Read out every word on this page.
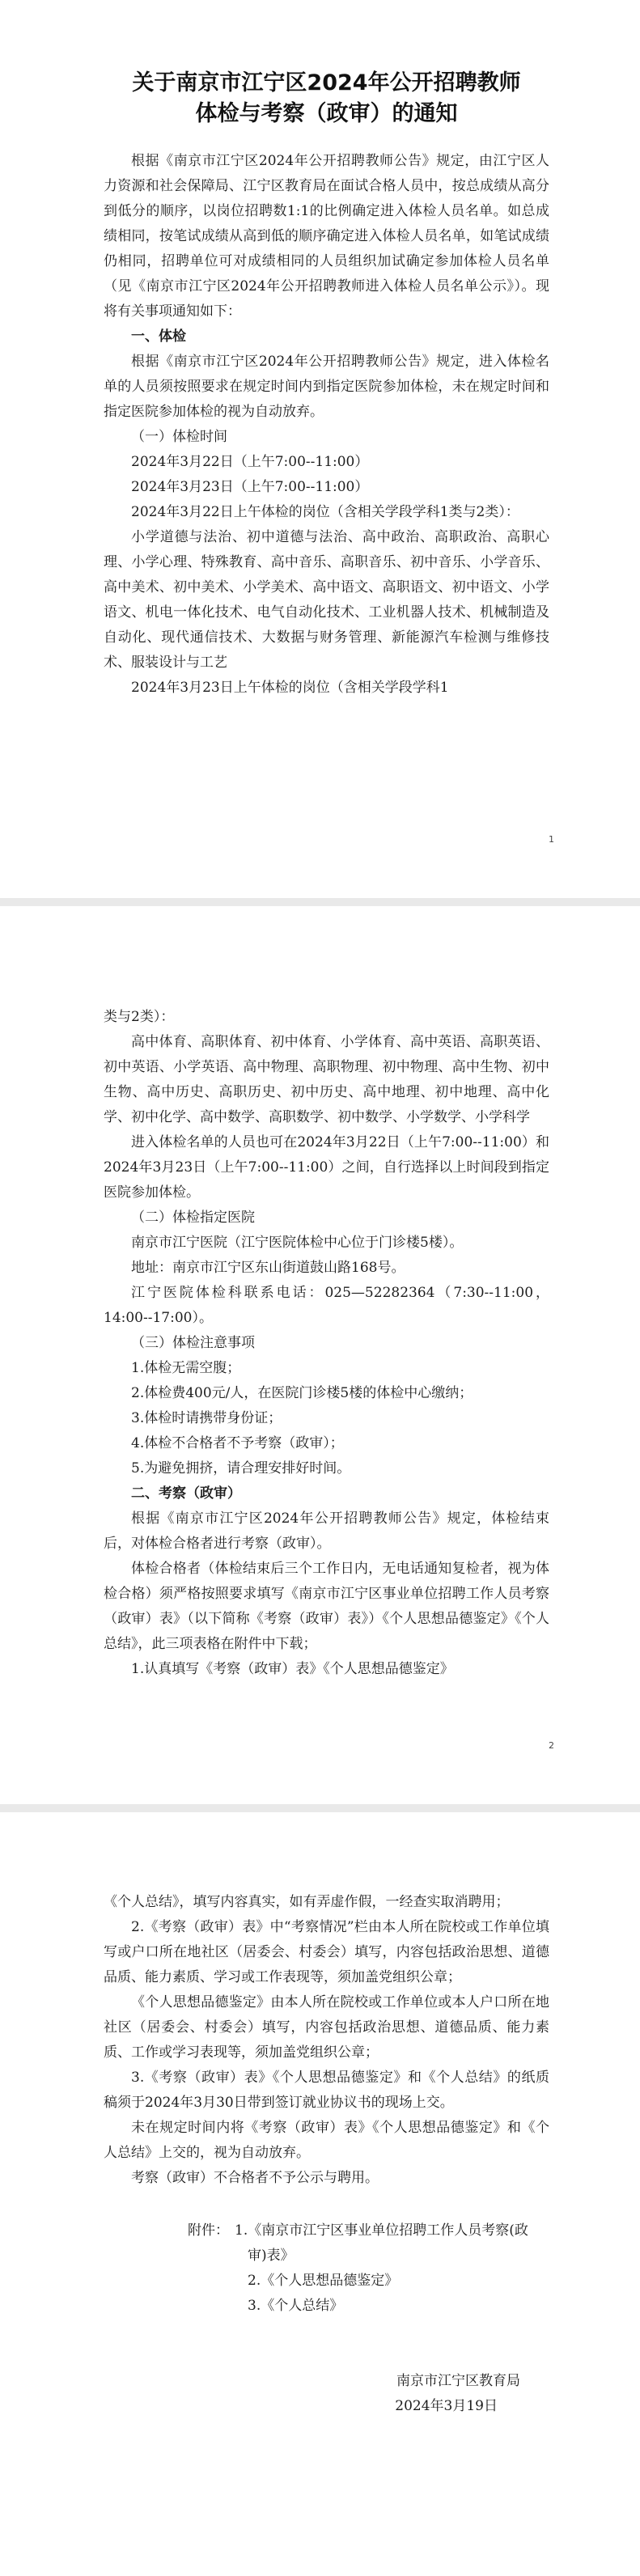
关于南京市江宁区2024年公开招聘教师
体检与考察（政审）的通知

根据《南京市江宁区2024年公开招聘教师公告》规定，由江宁区人力资源和社会保障局、江宁区教育局在面试合格人员中，按总成绩从高分到低分的顺序，以岗位招聘数1:1的比例确定进入体检人员名单。如总成绩相同，按笔试成绩从高到低的顺序确定进入体检人员名单，如笔试成绩仍相同，招聘单位可对成绩相同的人员组织加试确定参加体检人员名单（见《南京市江宁区2024年公开招聘教师进入体检人员名单公示》）。现将有关事项通知如下：

一、体检

根据《南京市江宁区2024年公开招聘教师公告》规定，进入体检名单的人员须按照要求在规定时间内到指定医院参加体检，未在规定时间和指定医院参加体检的视为自动放弃。

（一）体检时间

2024年3月22日（上午7:00--11:00）

2024年3月23日（上午7:00--11:00）

2024年3月22日上午体检的岗位（含相关学段学科1类与2类）：

小学道德与法治、初中道德与法治、高中政治、高职政治、高职心理、小学心理、特殊教育、高中音乐、高职音乐、初中音乐、小学音乐、高中美术、初中美术、小学美术、高中语文、高职语文、初中语文、小学语文、机电一体化技术、电气自动化技术、工业机器人技术、机械制造及自动化、现代通信技术、大数据与财务管理、新能源汽车检测与维修技术、服装设计与工艺

2024年3月23日上午体检的岗位（含相关学段学科1

1

类与2类）：

高中体育、高职体育、初中体育、小学体育、高中英语、高职英语、初中英语、小学英语、高中物理、高职物理、初中物理、高中生物、初中生物、高中历史、高职历史、初中历史、高中地理、初中地理、高中化学、初中化学、高中数学、高职数学、初中数学、小学数学、小学科学

进入体检名单的人员也可在2024年3月22日（上午7:00--11:00）和2024年3月23日（上午7:00--11:00）之间，自行选择以上时间段到指定医院参加体检。

（二）体检指定医院

南京市江宁医院（江宁医院体检中心位于门诊楼5楼）。

地址：南京市江宁区东山街道鼓山路168号。

江宁医院体检科联系电话：025—52282364（7:30--11:00，14:00--17:00）。

（三）体检注意事项

1.体检无需空腹；

2.体检费400元/人，在医院门诊楼5楼的体检中心缴纳；

3.体检时请携带身份证；

4.体检不合格者不予考察（政审）；

5.为避免拥挤，请合理安排好时间。

二、考察（政审）

根据《南京市江宁区2024年公开招聘教师公告》规定，体检结束后，对体检合格者进行考察（政审）。

体检合格者（体检结束后三个工作日内，无电话通知复检者，视为体检合格）须严格按照要求填写《南京市江宁区事业单位招聘工作人员考察（政审）表》（以下简称《考察（政审）表》）《个人思想品德鉴定》《个人总结》，此三项表格在附件中下载；

1.认真填写《考察（政审）表》《个人思想品德鉴定》

2

《个人总结》，填写内容真实，如有弄虚作假，一经查实取消聘用；

2.《考察（政审）表》中“考察情况”栏由本人所在院校或工作单位填写或户口所在地社区（居委会、村委会）填写，内容包括政治思想、道德品质、能力素质、学习或工作表现等，须加盖党组织公章；

《个人思想品德鉴定》由本人所在院校或工作单位或本人户口所在地社区（居委会、村委会）填写，内容包括政治思想、道德品质、能力素质、工作或学习表现等，须加盖党组织公章；

3.《考察（政审）表》《个人思想品德鉴定》和《个人总结》的纸质稿须于2024年3月30日带到签订就业协议书的现场上交。

未在规定时间内将《考察（政审）表》《个人思想品德鉴定》和《个人总结》上交的，视为自动放弃。

考察（政审）不合格者不予公示与聘用。

附件： 1.《南京市江宁区事业单位招聘工作人员考察(政

审)表》

2.《个人思想品德鉴定》

3.《个人总结》

南京市江宁区教育局

2024年3月19日
